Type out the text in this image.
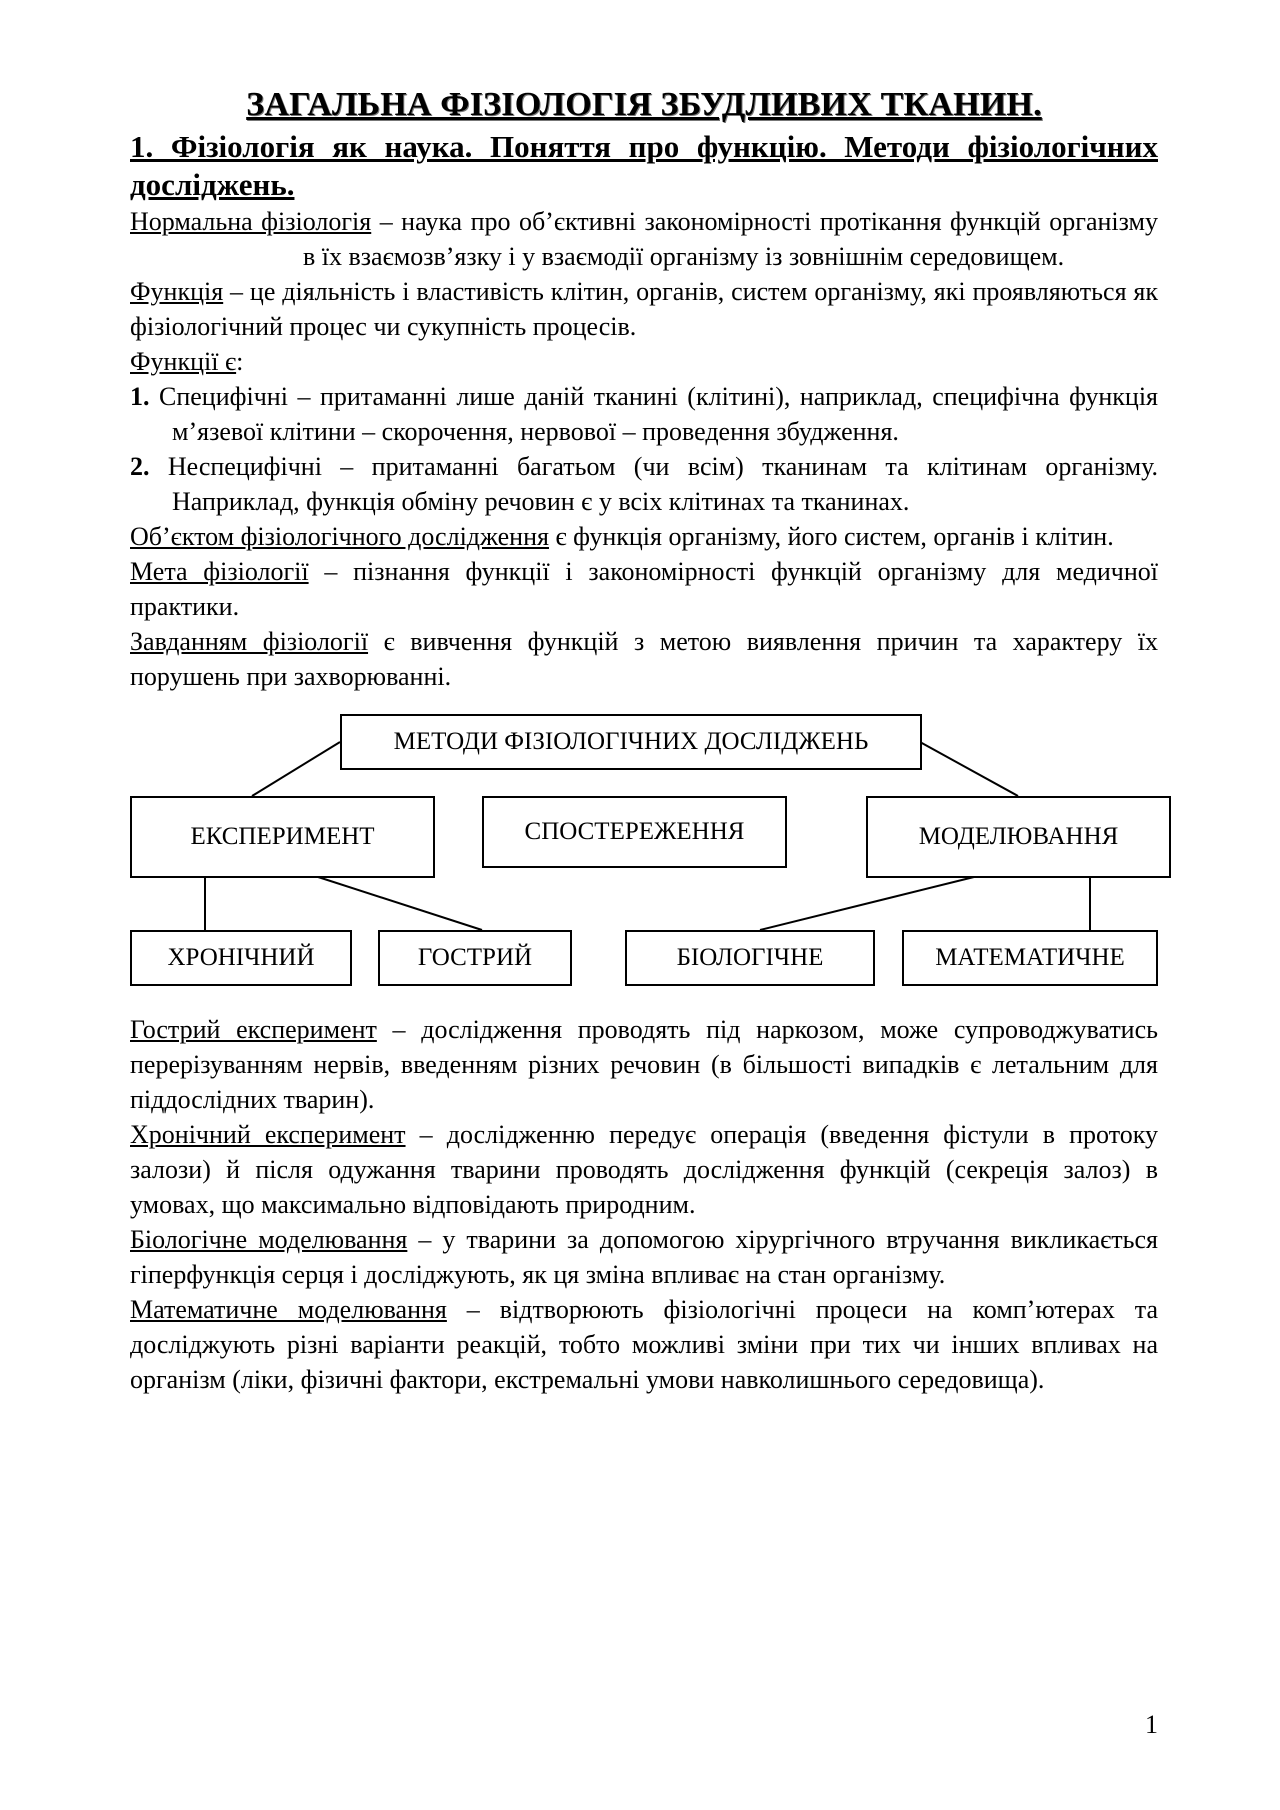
ЗАГАЛЬНА ФІЗІОЛОГІЯ ЗБУДЛИВИХ ТКАНИН.
1. Фізіологія як наука. Поняття про функцію. Методи фізіологічних досліджень.

Нормальна фізіологія – наука про об’єктивні закономірності протікання функцій організму в їх взаємозв’язку і у взаємодії організму із зовнішнім середовищем.

Функція – це діяльність і властивість клітин, органів, систем організму, які проявляються як фізіологічний процес чи сукупність процесів.

Функції є:

1. Специфічні – притаманні лише даній тканині (клітині), наприклад, специфічна функція м’язевої клітини – скорочення, нервової – проведення збудження.

2. Неспецифічні – притаманні багатьом (чи всім) тканинам та клітинам організму. Наприклад, функція обміну речовин є у всіх клітинах та тканинах.

Об’єктом фізіологічного дослідження є функція організму, його систем, органів і клітин.

Мета фізіології – пізнання функції і закономірності функцій організму для медичної практики.

Завданням фізіології є вивчення функцій з метою виявлення причин та характеру їх порушень при захворюванні.

МЕТОДИ ФІЗІОЛОГІЧНИХ ДОСЛІДЖЕНЬ
ЕКСПЕРИМЕНТ	СПОСТЕРЕЖЕННЯ	МОДЕЛЮВАННЯ
ХРОНІЧНИЙ	ГОСТРИЙ	БІОЛОГІЧНЕ	МАТЕМАТИЧНЕ

Гострий експеримент – дослідження проводять під наркозом, може супроводжуватись перерізуванням нервів, введенням різних речовин (в більшості випадків є летальним для піддослідних тварин).

Хронічний експеримент – дослідженню передує операція (введення фістули в протоку залози) й після одужання тварини проводять дослідження функцій (секреція залоз) в умовах, що максимально відповідають природним.

Біологічне моделювання – у тварини за допомогою хірургічного втручання викликається гіперфункція серця і досліджують, як ця зміна впливає на стан організму.

Математичне моделювання – відтворюють фізіологічні процеси на комп’ютерах та досліджують різні варіанти реакцій, тобто можливі зміни при тих чи інших впливах на організм (ліки, фізичні фактори, екстремальні умови навколишнього середовища).

1
